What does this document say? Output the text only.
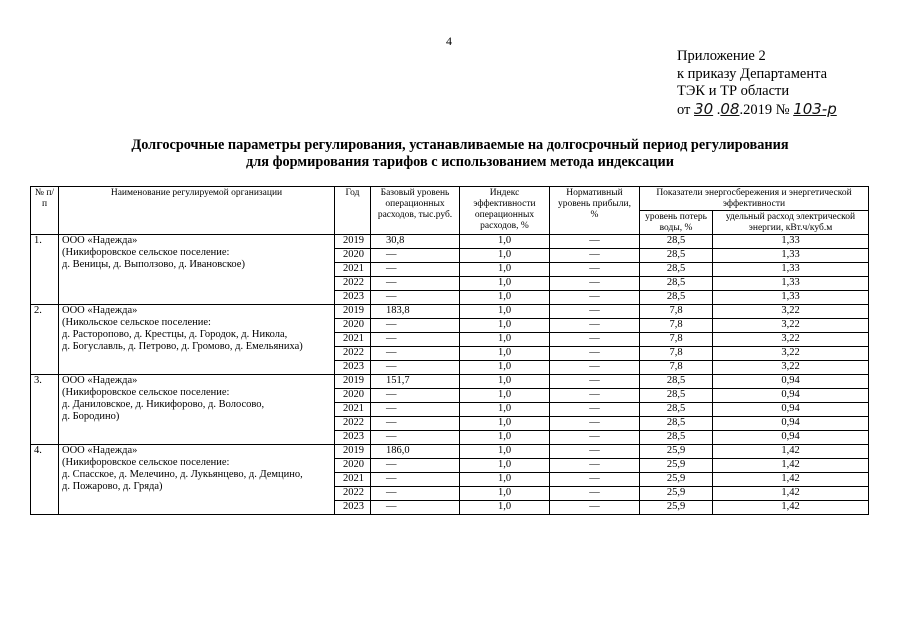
4
Приложение 2
к приказу Департамента
ТЭК и ТР области
от 30 .08.2019 № 103-р
Долгосрочные параметры регулирования, устанавливаемые на долгосрочный период регулирования
для формирования тарифов с использованием метода индексации
№ п/п	Наименование регулируемой организации	Год	Базовый уровень операционных расходов, тыс.руб.	Индекс эффективности операционных расходов, %	Нормативный уровень прибыли, %	Показатели энергосбережения и энергетической эффективности	
						уровень потерь воды, %	удельный расход электрической энергии, кВт.ч/куб.м
1.	ООО «Надежда»
(Никифоровское сельское поселение:
д. Веницы, д. Выползово, д. Ивановское)	2019	30,8	1,0	—	28,5	1,33
		2020	—	1,0	—	28,5	1,33
		2021	—	1,0	—	28,5	1,33
		2022	—	1,0	—	28,5	1,33
		2023	—	1,0	—	28,5	1,33
2.	ООО «Надежда»
(Никольское сельское поселение:
д. Расторопово, д. Крестцы, д. Городок, д. Никола,
д. Богуславль, д. Петрово, д. Громово, д. Емельяниха)	2019	183,8	1,0	—	7,8	3,22
		2020	—	1,0	—	7,8	3,22
		2021	—	1,0	—	7,8	3,22
		2022	—	1,0	—	7,8	3,22
		2023	—	1,0	—	7,8	3,22
3.	ООО «Надежда»
(Никифоровское сельское поселение:
д. Даниловское, д. Никифорово, д. Волосово,
д. Бородино)	2019	151,7	1,0	—	28,5	0,94
		2020	—	1,0	—	28,5	0,94
		2021	—	1,0	—	28,5	0,94
		2022	—	1,0	—	28,5	0,94
		2023	—	1,0	—	28,5	0,94
4.	ООО «Надежда»
(Никифоровское сельское поселение:
д. Спасское, д. Мелечино, д. Лукьянцево, д. Демцино,
д. Пожарово, д. Гряда)	2019	186,0	1,0	—	25,9	1,42
		2020	—	1,0	—	25,9	1,42
		2021	—	1,0	—	25,9	1,42
		2022	—	1,0	—	25,9	1,42
		2023	—	1,0	—	25,9	1,42
